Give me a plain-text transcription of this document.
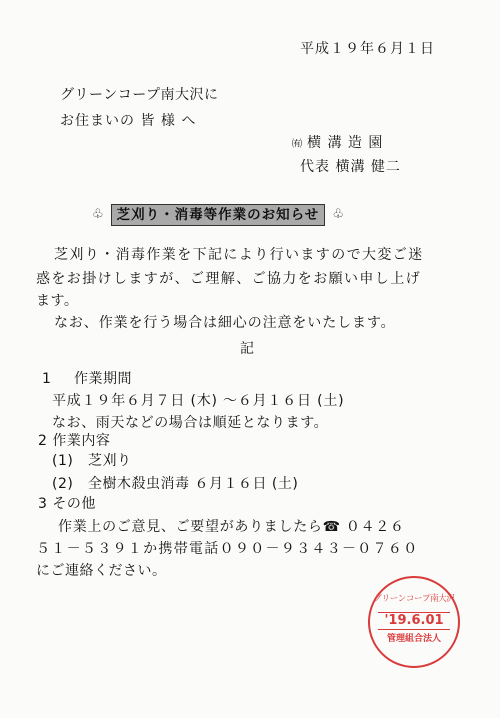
平成１９年６月１日
グリーンコープ南大沢に
お住まいの 皆 様 へ
㈲ 横 溝 造 園
代表 横溝 健二
♧ 芝刈り・消毒等作業のお知らせ	♧
芝刈り・消毒作業を下記により行いますので大変ご迷
惑をお掛けしますが、ご理解、ご協力をお願い申し上げ
ます。
なお、作業を行う場合は細心の注意をいたします。
記
1 作業期間
平成１９年６月７日 (木) ～６月１６日 (土)
なお、雨天などの場合は順延となります。
2 作業内容
(1) 芝刈り
(2) 全樹木殺虫消毒 ６月１６日 (土)
3 その他
作業上のご意見、ご要望がありましたら☎ ０４２６
５１－５３９１か携帯電話０９０－９３４３－０７６０
にご連絡ください。
グリーンコープ南大沢
'19.6.01
管理組合法人
